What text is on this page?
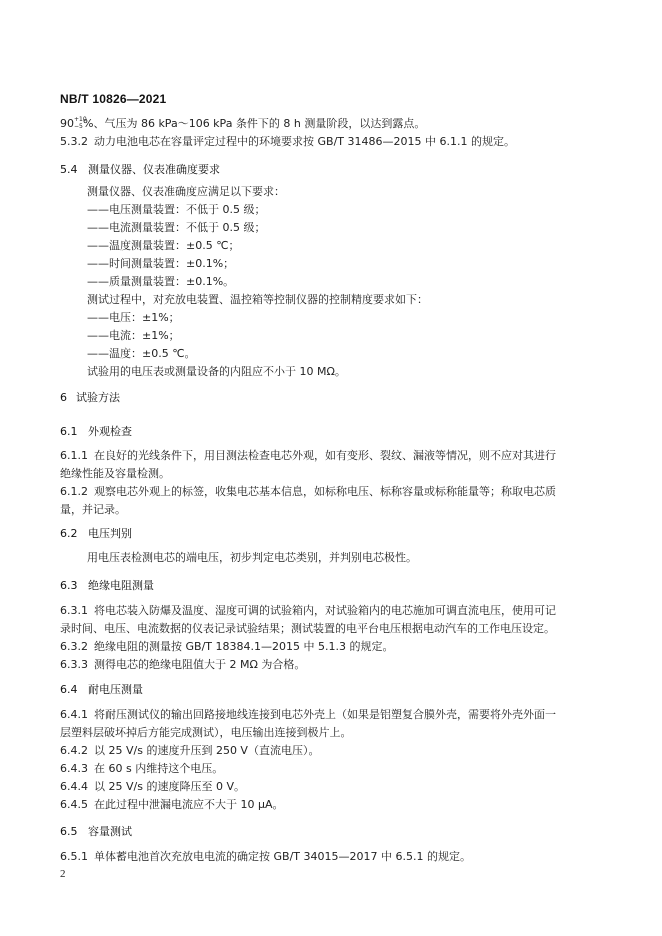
NB/T 10826—2021
90 +10
−5 %、气压为 86 kPa～106 kPa 条件下的 8 h 测量阶段，以达到露点。
5.3.2 动力电池电芯在容量评定过程中的环境要求按 GB/T 31486—2015 中 6.1.1 的规定。
5.4 测量仪器、仪表准确度要求
测量仪器、仪表准确度应满足以下要求：
——电压测量装置：不低于 0.5 级；
——电流测量装置：不低于 0.5 级；
——温度测量装置：±0.5 ℃；
——时间测量装置：±0.1%；
——质量测量装置：±0.1%。
测试过程中，对充放电装置、温控箱等控制仪器的控制精度要求如下：
——电压：±1%；
——电流：±1%；
——温度：±0.5 ℃。
试验用的电压表或测量设备的内阻应不小于 10 MΩ。
6 试验方法
6.1 外观检查
6.1.1 在良好的光线条件下，用目测法检查电芯外观，如有变形、裂纹、漏液等情况，则不应对其进行
绝缘性能及容量检测。
6.1.2 观察电芯外观上的标签，收集电芯基本信息，如标称电压、标称容量或标称能量等；称取电芯质
量，并记录。
6.2 电压判别
用电压表检测电芯的端电压，初步判定电芯类别，并判别电芯极性。
6.3 绝缘电阻测量
6.3.1 将电芯装入防爆及温度、湿度可调的试验箱内，对试验箱内的电芯施加可调直流电压，使用可记
录时间、电压、电流数据的仪表记录试验结果；测试装置的电平台电压根据电动汽车的工作电压设定。
6.3.2 绝缘电阻的测量按 GB/T 18384.1—2015 中 5.1.3 的规定。
6.3.3 测得电芯的绝缘电阻值大于 2 MΩ 为合格。
6.4 耐电压测量
6.4.1 将耐压测试仪的输出回路接地线连接到电芯外壳上（如果是铝塑复合膜外壳，需要将外壳外面一
层塑料层破坏掉后方能完成测试），电压输出连接到极片上。
6.4.2 以 25 V/s 的速度升压到 250 V（直流电压）。
6.4.3 在 60 s 内维持这个电压。
6.4.4 以 25 V/s 的速度降压至 0 V。
6.4.5 在此过程中泄漏电流应不大于 10 μA。
6.5 容量测试
6.5.1 单体蓄电池首次充放电电流的确定按 GB/T 34015—2017 中 6.5.1 的规定。
2
